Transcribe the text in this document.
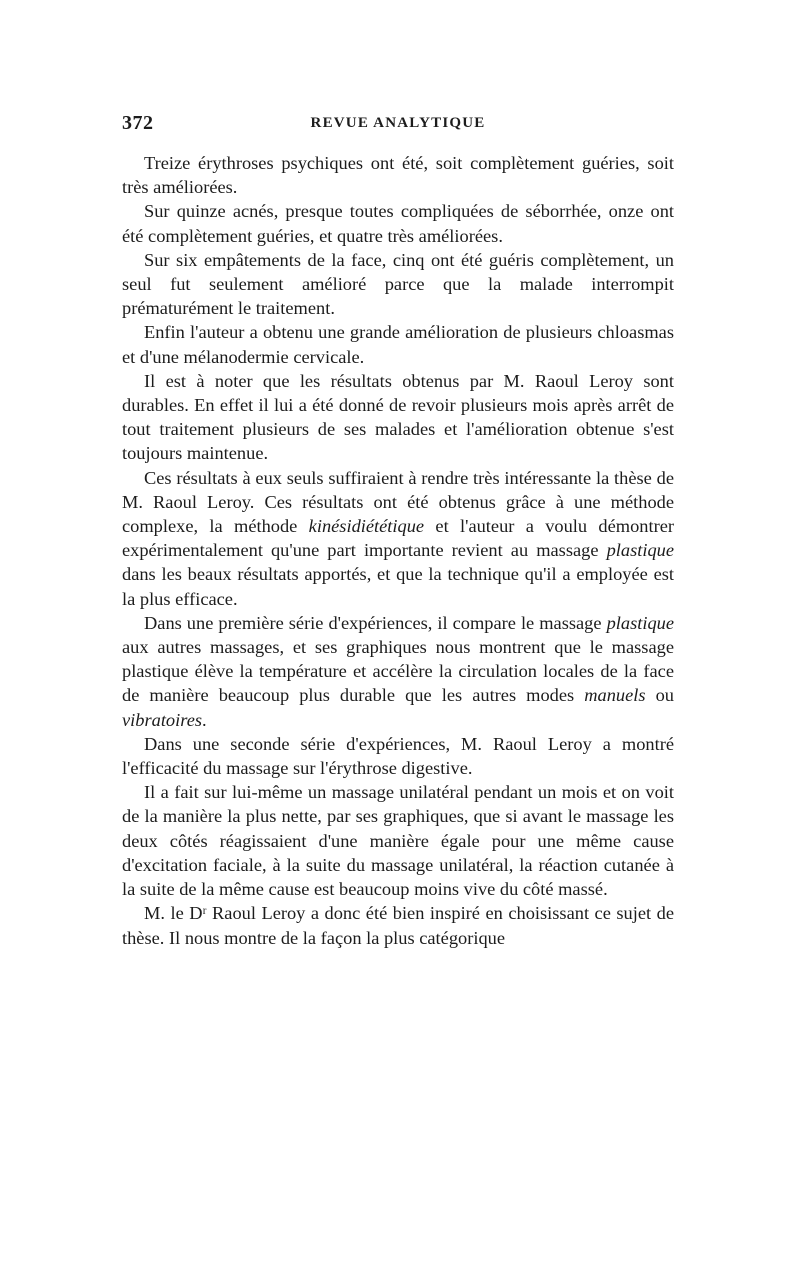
372	REVUE ANALYTIQUE

Treize érythroses psychiques ont été, soit complètement guéries, soit très améliorées.

Sur quinze acnés, presque toutes compliquées de séborrhée, onze ont été complètement guéries, et quatre très améliorées.

Sur six empâtements de la face, cinq ont été guéris complètement, un seul fut seulement amélioré parce que la malade interrompit prématurément le traitement.

Enfin l'auteur a obtenu une grande amélioration de plusieurs chloasmas et d'une mélanodermie cervicale.

Il est à noter que les résultats obtenus par M. Raoul Leroy sont durables. En effet il lui a été donné de revoir plusieurs mois après arrêt de tout traitement plusieurs de ses malades et l'amélioration obtenue s'est toujours maintenue.

Ces résultats à eux seuls suffiraient à rendre très intéressante la thèse de M. Raoul Leroy. Ces résultats ont été obtenus grâce à une méthode complexe, la méthode kinésidiététique et l'auteur a voulu démontrer expérimentalement qu'une part importante revient au massage plastique dans les beaux résultats apportés, et que la technique qu'il a employée est la plus efficace.

Dans une première série d'expériences, il compare le massage plastique aux autres massages, et ses graphiques nous montrent que le massage plastique élève la température et accélère la circulation locales de la face de manière beaucoup plus durable que les autres modes manuels ou vibratoires.

Dans une seconde série d'expériences, M. Raoul Leroy a montré l'efficacité du massage sur l'érythrose digestive.

Il a fait sur lui-même un massage unilatéral pendant un mois et on voit de la manière la plus nette, par ses graphiques, que si avant le massage les deux côtés réagissaient d'une manière égale pour une même cause d'excitation faciale, à la suite du massage unilatéral, la réaction cutanée à la suite de la même cause est beaucoup moins vive du côté massé.

M. le Dʳ Raoul Leroy a donc été bien inspiré en choisissant ce sujet de thèse. Il nous montre de la façon la plus catégorique
